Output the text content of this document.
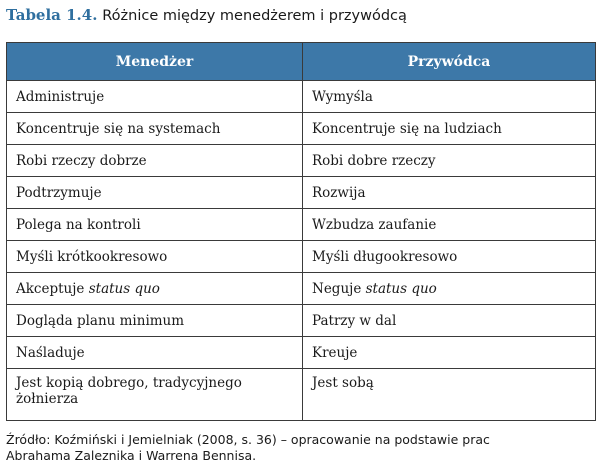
Tabela 1.4. Różnice między menedżerem i przywódcą
Menedżer	Przywódca
Administruje	Wymyśla
Koncentruje się na systemach	Koncentruje się na ludziach
Robi rzeczy dobrze	Robi dobre rzeczy
Podtrzymuje	Rozwija
Polega na kontroli	Wzbudza zaufanie
Myśli krótkookresowo	Myśli długookresowo
Akceptuje status quo	Neguje status quo
Dogląda planu minimum	Patrzy w dal
Naśladuje	Kreuje
Jest kopią dobrego, tradycyjnego żołnierza	Jest sobą
Źródło: Koźmiński i Jemielniak (2008, s. 36) – opracowanie na podstawie prac
Abrahama Zaleznika i Warrena Bennisa.
